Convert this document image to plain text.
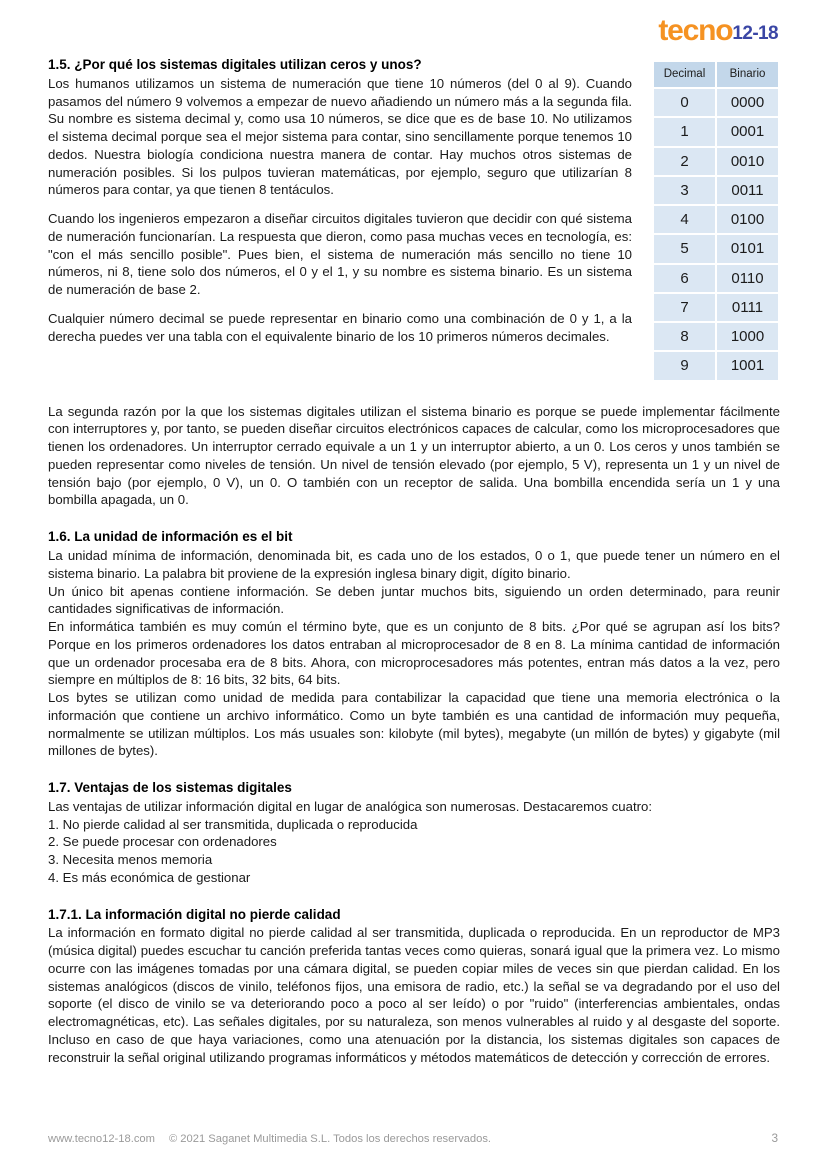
tecno12-18
Decimal	Binario
0	0000
1	0001
2	0010
3	0011
4	0100
5	0101
6	0110
7	0111
8	1000
9	1001
1.5. ¿Por qué los sistemas digitales utilizan ceros y unos?

Los humanos utilizamos un sistema de numeración que tiene 10 números (del 0 al 9). Cuando pasamos del número 9 volvemos a empezar de nuevo añadiendo un número más a la segunda fila. Su nombre es sistema decimal y, como usa 10 números, se dice que es de base 10. No utilizamos el sistema decimal porque sea el mejor sistema para contar, sino sencillamente porque tenemos 10 dedos. Nuestra biología condiciona nuestra manera de contar. Hay muchos otros sistemas de numeración posibles. Si los pulpos tuvieran matemáticas, por ejemplo, seguro que utilizarían 8 números para contar, ya que tienen 8 tentáculos.

Cuando los ingenieros empezaron a diseñar circuitos digitales tuvieron que decidir con qué sistema de numeración funcionarían. La respuesta que dieron, como pasa muchas veces en tecnología, es: "con el más sencillo posible". Pues bien, el sistema de numeración más sencillo no tiene 10 números, ni 8, tiene solo dos números, el 0 y el 1, y su nombre es sistema binario. Es un sistema de numeración de base 2.

Cualquier número decimal se puede representar en binario como una combinación de 0 y 1, a la derecha puedes ver una tabla con el equivalente binario de los 10 primeros números decimales.

La segunda razón por la que los sistemas digitales utilizan el sistema binario es porque se puede implementar fácilmente con interruptores y, por tanto, se pueden diseñar circuitos electrónicos capaces de calcular, como los microprocesadores que tienen los ordenadores. Un interruptor cerrado equivale a un 1 y un interruptor abierto, a un 0. Los ceros y unos también se pueden representar como niveles de tensión. Un nivel de tensión elevado (por ejemplo, 5 V), representa un 1 y un nivel de tensión bajo (por ejemplo, 0 V), un 0. O también con un receptor de salida. Una bombilla encendida sería un 1 y una bombilla apagada, un 0.

1.6. La unidad de información es el bit

La unidad mínima de información, denominada bit, es cada uno de los estados, 0 o 1, que puede tener un número en el sistema binario. La palabra bit proviene de la expresión inglesa binary digit, dígito binario.

Un único bit apenas contiene información. Se deben juntar muchos bits, siguiendo un orden determinado, para reunir cantidades significativas de información.

En informática también es muy común el término byte, que es un conjunto de 8 bits. ¿Por qué se agrupan así los bits? Porque en los primeros ordenadores los datos entraban al microprocesador de 8 en 8. La mínima cantidad de información que un ordenador procesaba era de 8 bits. Ahora, con microprocesadores más potentes, entran más datos a la vez, pero siempre en múltiplos de 8: 16 bits, 32 bits, 64 bits.

Los bytes se utilizan como unidad de medida para contabilizar la capacidad que tiene una memoria electrónica o la información que contiene un archivo informático. Como un byte también es una cantidad de información muy pequeña, normalmente se utilizan múltiplos. Los más usuales son: kilobyte (mil bytes), megabyte (un millón de bytes) y gigabyte (mil millones de bytes).

1.7. Ventajas de los sistemas digitales

Las ventajas de utilizar información digital en lugar de analógica son numerosas. Destacaremos cuatro:

1. No pierde calidad al ser transmitida, duplicada o reproducida
2. Se puede procesar con ordenadores
3. Necesita menos memoria
4. Es más económica de gestionar
1.7.1. La información digital no pierde calidad

La información en formato digital no pierde calidad al ser transmitida, duplicada o reproducida. En un reproductor de MP3 (música digital) puedes escuchar tu canción preferida tantas veces como quieras, sonará igual que la primera vez. Lo mismo ocurre con las imágenes tomadas por una cámara digital, se pueden copiar miles de veces sin que pierdan calidad. En los sistemas analógicos (discos de vinilo, teléfonos fijos, una emisora de radio, etc.) la señal se va degradando por el uso del soporte (el disco de vinilo se va deteriorando poco a poco al ser leído) o por "ruido" (interferencias ambientales, ondas electromagnéticas, etc). Las señales digitales, por su naturaleza, son menos vulnerables al ruido y al desgaste del soporte. Incluso en caso de que haya variaciones, como una atenuación por la distancia, los sistemas digitales son capaces de reconstruir la señal original utilizando programas informáticos y métodos matemáticos de detección y corrección de errores.

www.tecno12-18.com © 2021 Saganet Multimedia S.L. Todos los derechos reservados.	3
